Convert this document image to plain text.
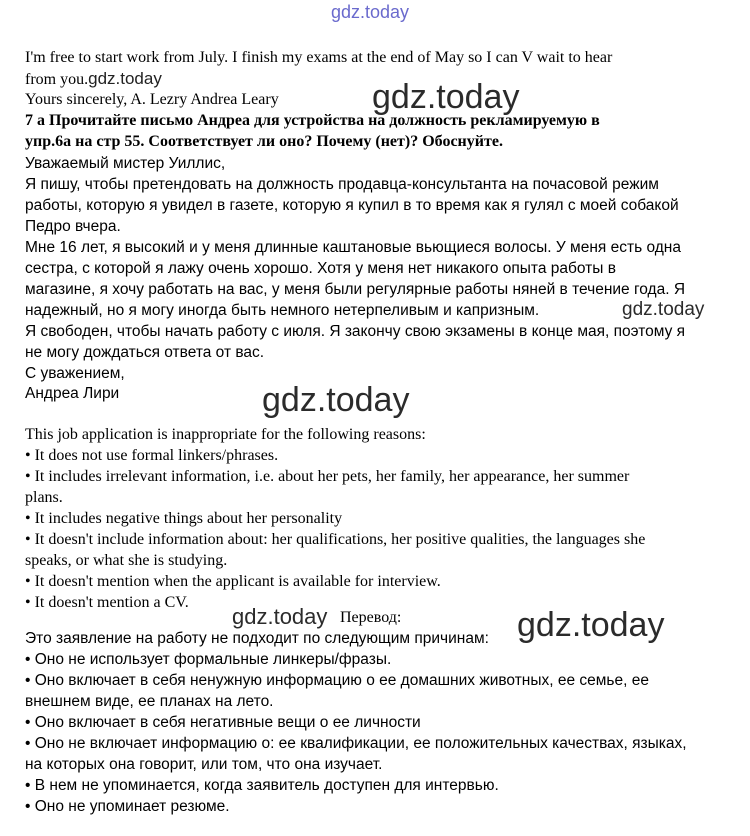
gdz.today

I'm free to start work from July. I finish my exams at the end of May so I can V wait to hear

from you.gdz.today

Yours sincerely, A. Lezry Andrea Leary	gdz.today

7 а Прочитайте письмо Андреа для устройства на должность рекламируемую в

упр.6а на стр 55. Соответствует ли оно? Почему (нет)? Обоснуйте.

Уважаемый мистер Уиллис,

Я пишу, чтобы претендовать на должность продавца-консультанта на почасовой режим

работы, которую я увидел в газете, которую я купил в то время как я гулял с моей собакой

Педро вчера.

Мне 16 лет, я высокий и у меня длинные каштановые вьющиеся волосы. У меня есть одна

сестра, с которой я лажу очень хорошо. Хотя у меня нет никакого опыта работы в

магазине, я хочу работать на вас, у меня были регулярные работы няней в течение года. Я

надежный, но я могу иногда быть немного нетерпеливым и капризным.	gdz.today

Я свободен, чтобы начать работу с июля. Я закончу свою экзамены в конце мая, поэтому я

не могу дождаться ответа от вас.

С уважением,

Андреа Лири	gdz.today

This job application is inappropriate for the following reasons:

• It does not use formal linkers/phrases.

• It includes irrelevant information, i.e. about her pets, her family, her appearance, her summer

plans.

• It includes negative things about her personality

• It doesn't include information about: her qualifications, her positive qualities, the languages she

speaks, or what she is studying.

• It doesn't mention when the applicant is available for interview.

• It doesn't mention a CV.

gdz.today Перевод:	gdz.today

Это заявление на работу не подходит по следующим причинам:

• Оно не использует формальные линкеры/фразы.

• Оно включает в себя ненужную информацию о ее домашних животных, ее семье, ее

внешнем виде, ее планах на лето.

• Оно включает в себя негативные вещи о ее личности

• Оно не включает информацию о: ее квалификации, ее положительных качествах, языках,

на которых она говорит, или том, что она изучает.

• В нем не упоминается, когда заявитель доступен для интервью.

• Оно не упоминает резюме.
